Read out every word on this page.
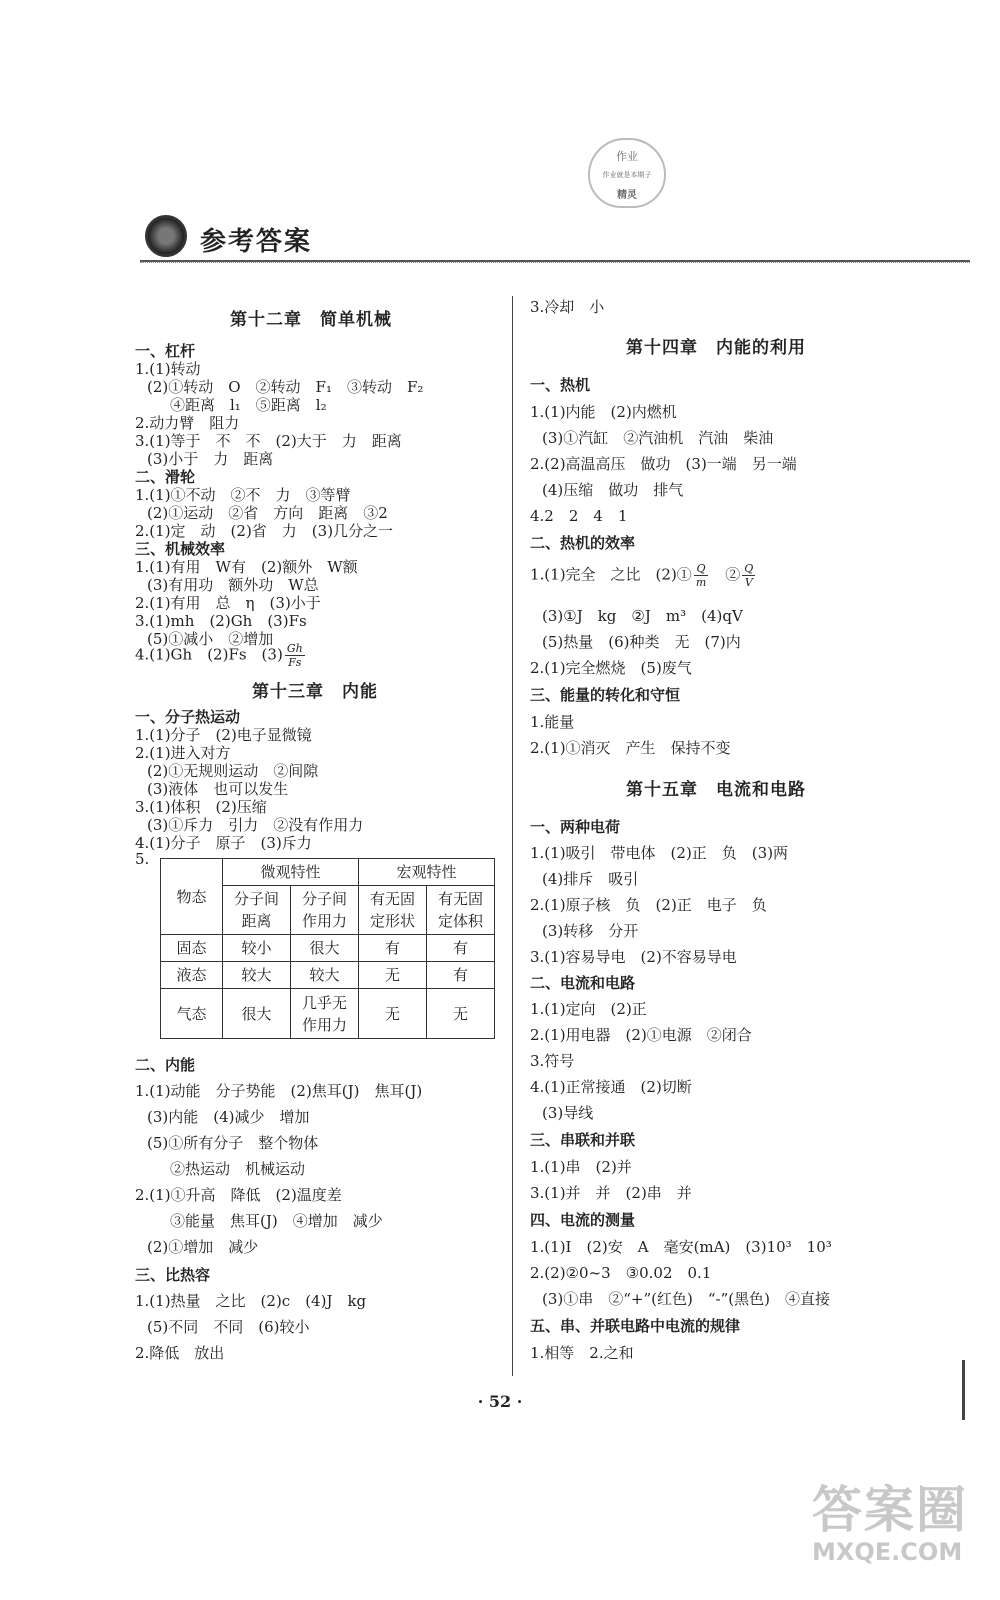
作业
作业就是本期子
精灵
参考答案
第十二章　简单机械
一、杠杆
1.(1)转动
(2)①转动　O　②转动　F₁　③转动　F₂
④距离　l₁　⑤距离　l₂
2.动力臂　阻力
3.(1)等于　不　不　(2)大于　力　距离
(3)小于　力　距离
二、滑轮
1.(1)①不动　②不　力　③等臂
(2)①运动　②省　方向　距离　③2
2.(1)定　动　(2)省　力　(3)几分之一
三、机械效率
1.(1)有用　W有　(2)额外　W额
(3)有用功　额外功　W总
2.(1)有用　总　η　(3)小于
3.(1)mh　(2)Gh　(3)Fs
(5)①减小　②增加
4.(1)Gh　(2)Fs　$(3) \frac{Gh}{Fs}$
第十三章　内能
一、分子热运动
1.(1)分子　(2)电子显微镜
2.(1)进入对方
(2)①无规则运动　②间隙
(3)液体　也可以发生
3.(1)体积　(2)压缩
(3)①斥力　引力　②没有作用力
4.(1)分子　原子　(3)斥力
5.
物态	微观特性		宏观特性	
	分子间距离	分子间作用力	有无固定形状	有无固定体积
固态	较小	很大	有	有
液态	较大	较大	无	有
气态	很大	几乎无作用力	无	无
二、内能
1.(1)动能　分子势能　(2)焦耳(J)　焦耳(J)
(3)内能　(4)减少　增加
(5)①所有分子　整个物体
②热运动　机械运动
2.(1)①升高　降低　(2)温度差
③能量　焦耳(J)　④增加　减少
(2)①增加　减少
三、比热容
1.(1)热量　之比　(2)c　(4)J　kg
(5)不同　不同　(6)较小
2.降低　放出
3.冷却　小
第十四章　内能的利用
一、热机
1.(1)内能　(2)内燃机
(3)①汽缸　②汽油机　汽油　柴油
2.(2)高温高压　做功　(3)一端　另一端
(4)压缩　做功　排气
4.2　2　4　1
二、热机的效率
1.(1)完全　之比　(2)① $\frac{Q}{m}$
　 ② $\frac{Q}{V}$
(3)①J　kg　②J　m³　(4)qV
(5)热量　(6)种类　无　(7)内
2.(1)完全燃烧　(5)废气
三、能量的转化和守恒
1.能量
2.(1)①消灭　产生　保持不变
第十五章　电流和电路
一、两种电荷
1.(1)吸引　带电体　(2)正　负　(3)两
(4)排斥　吸引
2.(1)原子核　负　(2)正　电子　负
(3)转移　分开
3.(1)容易导电　(2)不容易导电
二、电流和电路
1.(1)定向　(2)正
2.(1)用电器　(2)①电源　②闭合
3.符号
4.(1)正常接通　(2)切断
(3)导线
三、串联和并联
1.(1)串　(2)并
3.(1)并　并　(2)串　并
四、电流的测量
1.(1)I　(2)安　A　毫安(mA)　(3)10³　10³
2.(2)②0~3　③0.02　0.1
(3)①串　②“+”(红色)　“-”(黑色)　④直接
五、串、并联电路中电流的规律
1.相等　2.之和
· 52 ·
答案圈
MXQE.COM
